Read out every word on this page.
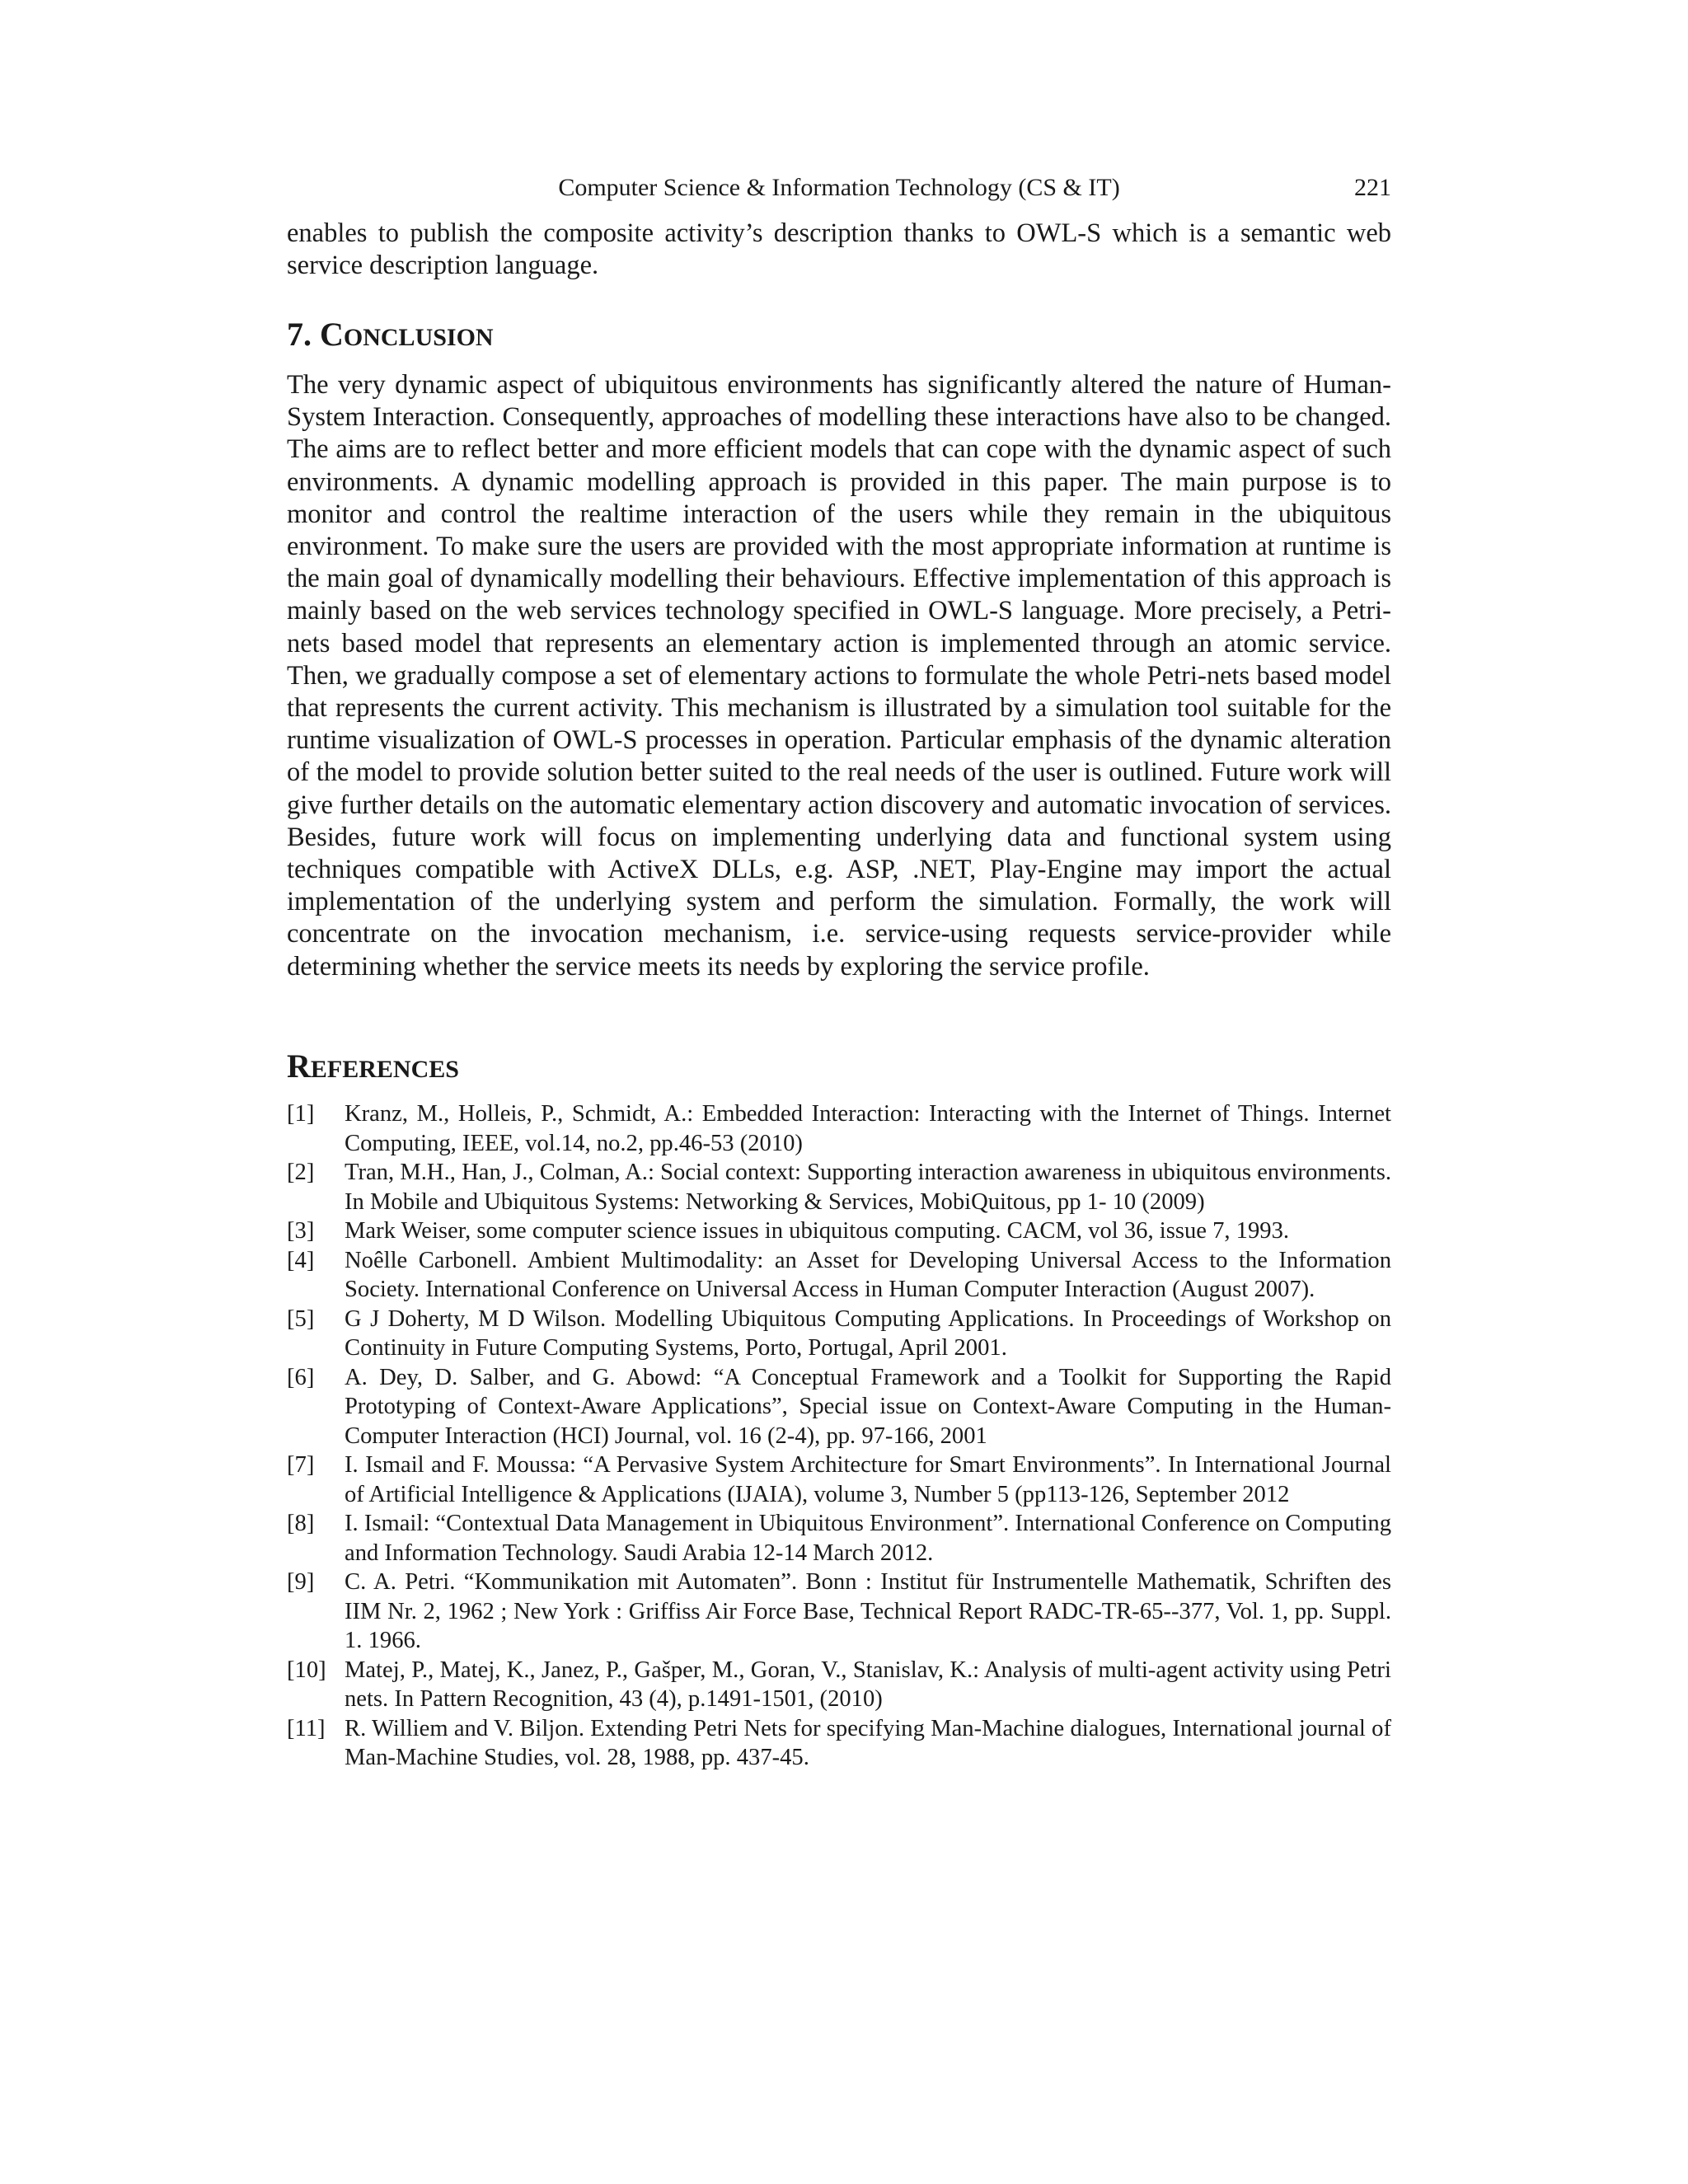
Computer Science & Information Technology (CS & IT)	221

enables to publish the composite activity’s description thanks to OWL-S which is a semantic web service description language.

7. CONCLUSION

The very dynamic aspect of ubiquitous environments has significantly altered the nature of Human-System Interaction. Consequently, approaches of modelling these interactions have also to be changed. The aims are to reflect better and more efficient models that can cope with the dynamic aspect of such environments. A dynamic modelling approach is provided in this paper. The main purpose is to monitor and control the realtime interaction of the users while they remain in the ubiquitous environment. To make sure the users are provided with the most appropriate information at runtime is the main goal of dynamically modelling their behaviours. Effective implementation of this approach is mainly based on the web services technology specified in OWL-S language. More precisely, a Petri-nets based model that represents an elementary action is implemented through an atomic service. Then, we gradually compose a set of elementary actions to formulate the whole Petri-nets based model that represents the current activity. This mechanism is illustrated by a simulation tool suitable for the runtime visualization of OWL-S processes in operation. Particular emphasis of the dynamic alteration of the model to provide solution better suited to the real needs of the user is outlined. Future work will give further details on the automatic elementary action discovery and automatic invocation of services. Besides, future work will focus on implementing underlying data and functional system using techniques compatible with ActiveX DLLs, e.g. ASP, .NET, Play-Engine may import the actual implementation of the underlying system and perform the simulation. Formally, the work will concentrate on the invocation mechanism, i.e. service-using requests service-provider while determining whether the service meets its needs by exploring the service profile.

REFERENCES
[1]	Kranz, M., Holleis, P., Schmidt, A.: Embedded Interaction: Interacting with the Internet of Things. Internet Computing, IEEE, vol.14, no.2, pp.46-53 (2010)
[2]	Tran, M.H., Han, J., Colman, A.: Social context: Supporting interaction awareness in ubiquitous environments. In Mobile and Ubiquitous Systems: Networking & Services, MobiQuitous, pp 1- 10 (2009)
[3]	Mark Weiser, some computer science issues in ubiquitous computing. CACM, vol 36, issue 7, 1993.
[4]	Noêlle Carbonell. Ambient Multimodality: an Asset for Developing Universal Access to the Information Society. International Conference on Universal Access in Human Computer Interaction (August 2007).
[5]	G J Doherty, M D Wilson. Modelling Ubiquitous Computing Applications. In Proceedings of Workshop on Continuity in Future Computing Systems, Porto, Portugal, April 2001.
[6]	A. Dey, D. Salber, and G. Abowd: “A Conceptual Framework and a Toolkit for Supporting the Rapid Prototyping of Context-Aware Applications”, Special issue on Context-Aware Computing in the Human-Computer Interaction (HCI) Journal, vol. 16 (2-4), pp. 97-166, 2001
[7]	I. Ismail and F. Moussa: “A Pervasive System Architecture for Smart Environments”. In International Journal of Artificial Intelligence & Applications (IJAIA), volume 3, Number 5 (pp113-126, September 2012
[8]	I. Ismail: “Contextual Data Management in Ubiquitous Environment”. International Conference on Computing and Information Technology. Saudi Arabia 12-14 March 2012.
[9]	C. A. Petri. “Kommunikation mit Automaten”. Bonn : Institut für Instrumentelle Mathematik, Schriften des IIM Nr. 2, 1962 ; New York : Griffiss Air Force Base, Technical Report RADC-TR-65--377, Vol. 1, pp. Suppl. 1. 1966.
[10] Matej, P., Matej, K., Janez, P., Gašper, M., Goran, V., Stanislav, K.: Analysis of multi-agent activity using Petri nets. In Pattern Recognition, 43 (4), p.1491-1501, (2010)
[11] R. Williem and V. Biljon. Extending Petri Nets for specifying Man-Machine dialogues, International journal of Man-Machine Studies, vol. 28, 1988, pp. 437-45.
